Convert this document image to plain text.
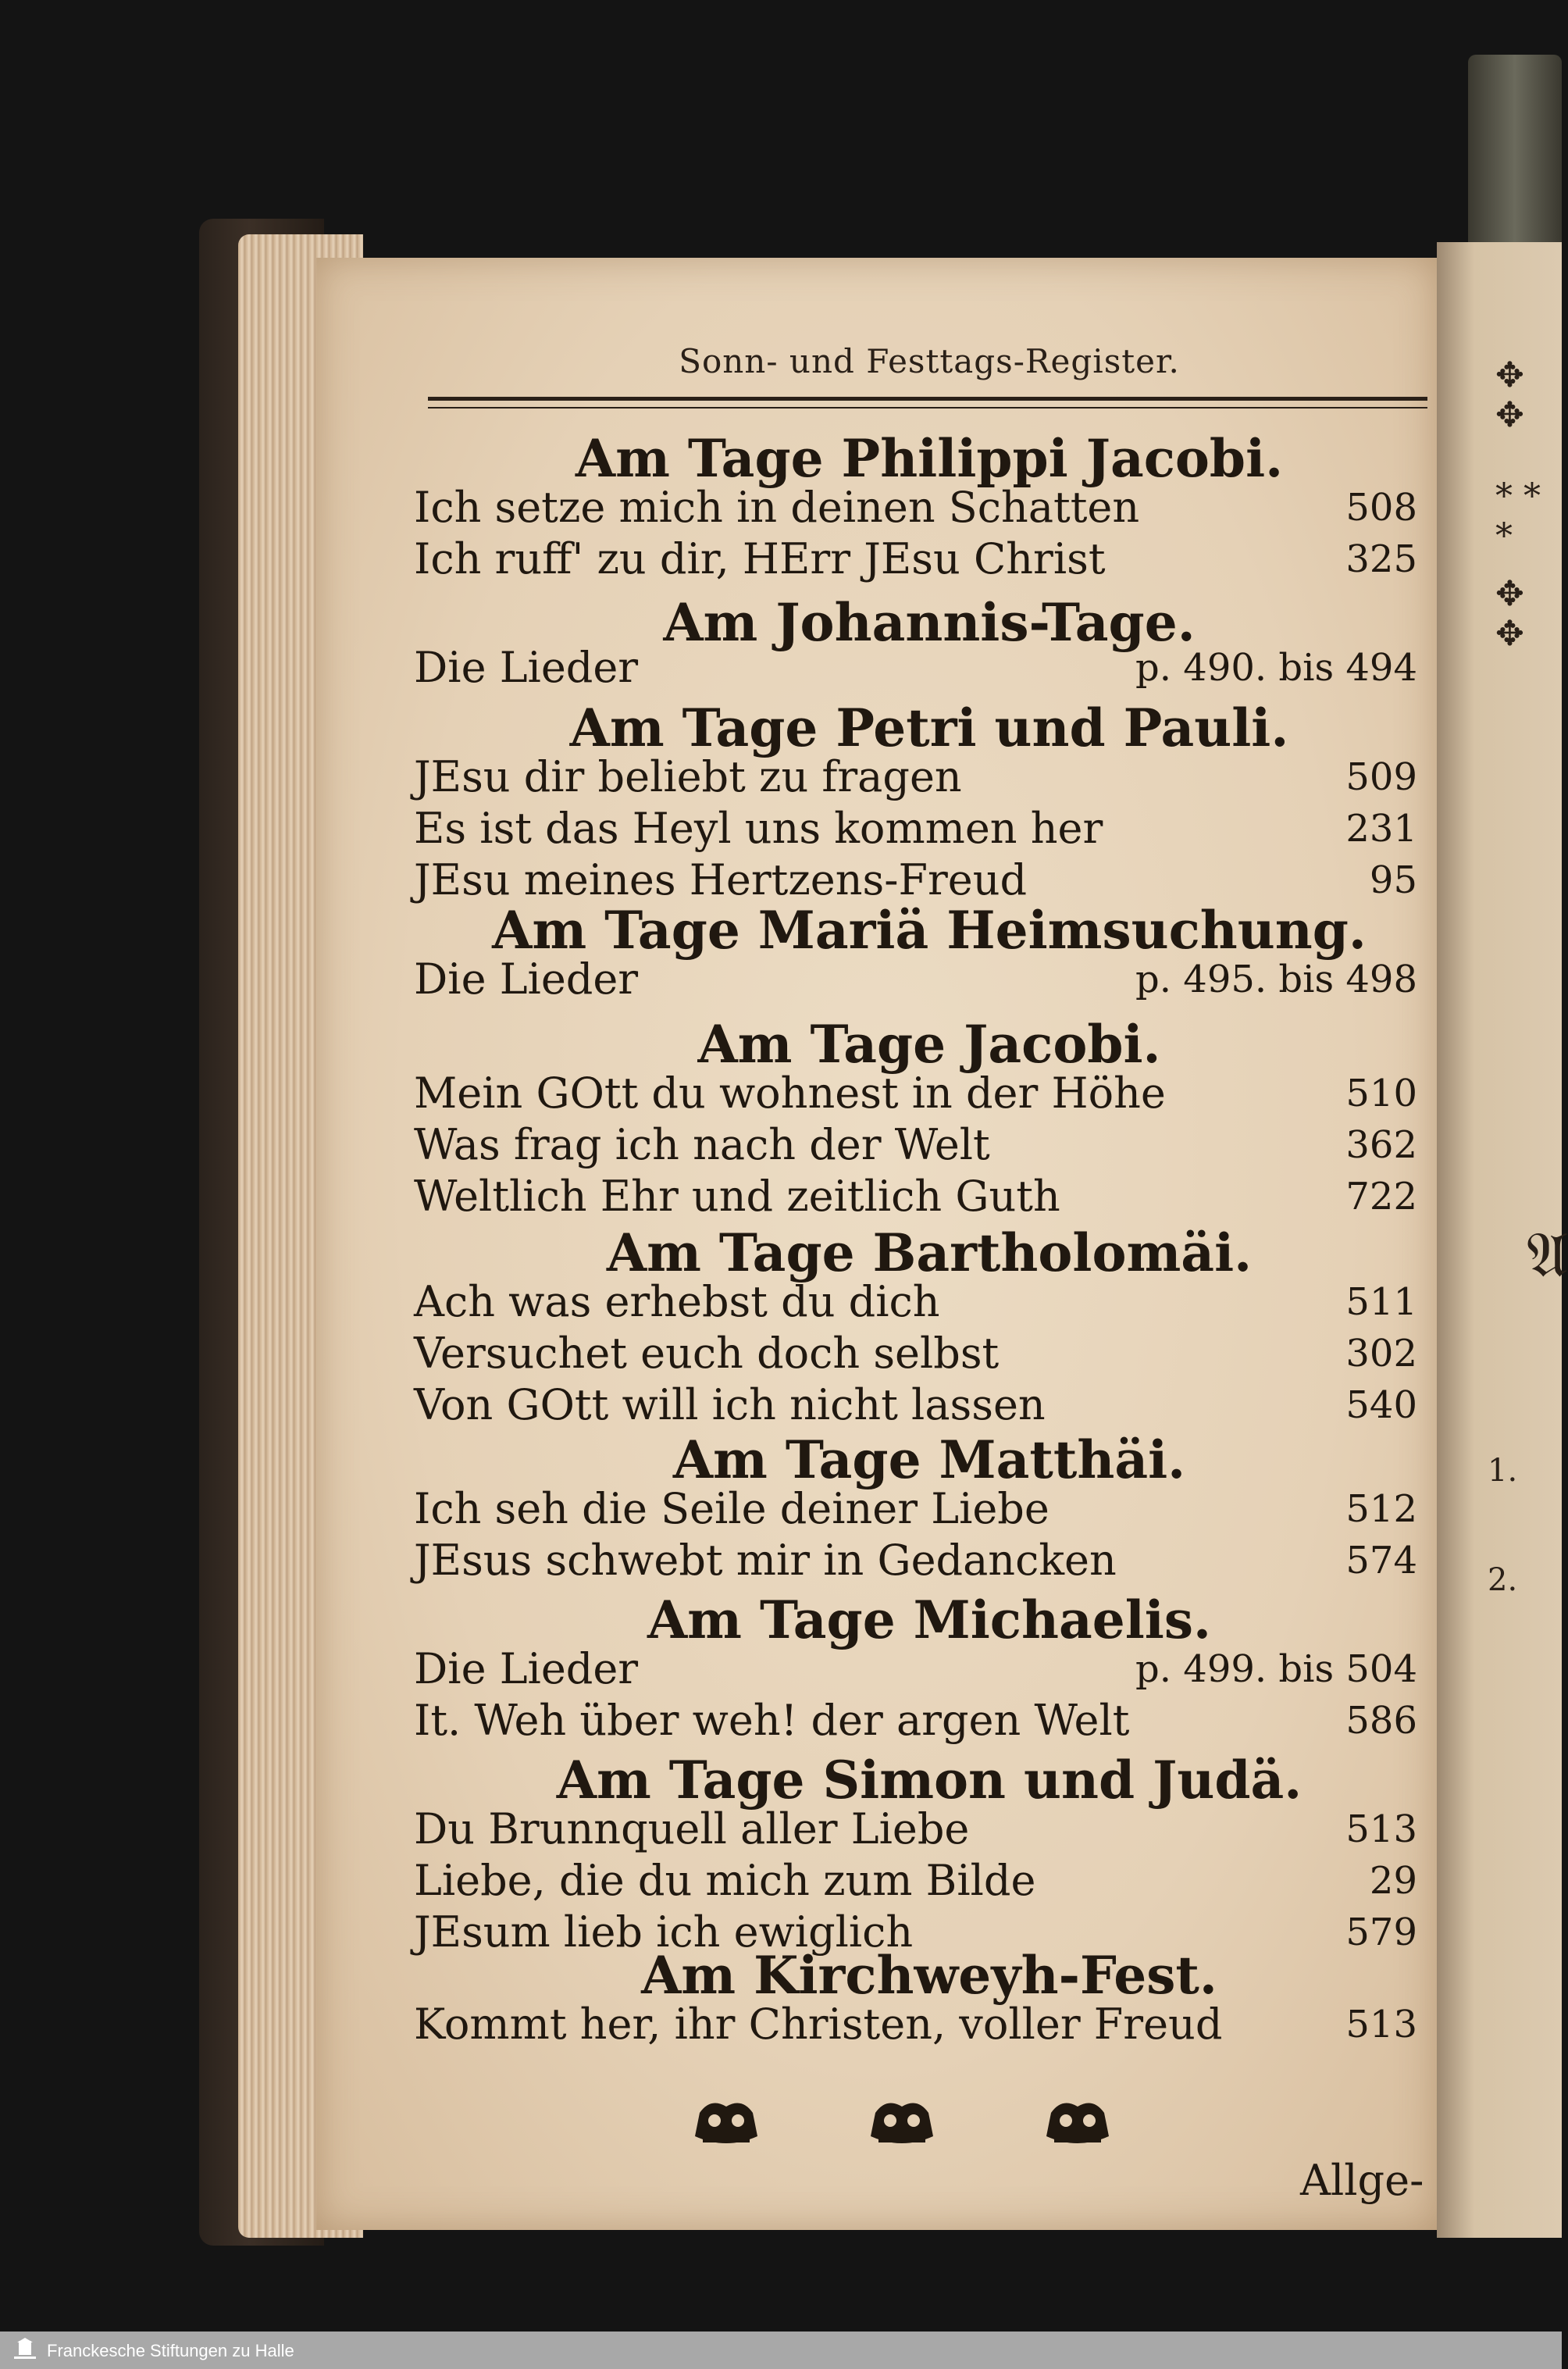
✥ ✥
* * *
✥ ✥
𝔄
1.
2.
Sonn- und Festtags-Register.
Am Tage Philippi Jacobi.
Ich setze mich in deinen Schatten	508
Ich ruff' zu dir, HErr JEsu Christ	325
Am Johannis-Tage.
Die Lieder	p. 490. bis 494
Am Tage Petri und Pauli.
JEsu dir beliebt zu fragen	509
Es ist das Heyl uns kommen her	231
JEsu meines Hertzens-Freud	95
Am Tage Mariä Heimsuchung.
Die Lieder	p. 495. bis 498
Am Tage Jacobi.
Mein GOtt du wohnest in der Höhe	510
Was frag ich nach der Welt	362
Weltlich Ehr und zeitlich Guth	722
Am Tage Bartholomäi.
Ach was erhebst du dich	511
Versuchet euch doch selbst	302
Von GOtt will ich nicht lassen	540
Am Tage Matthäi.
Ich seh die Seile deiner Liebe	512
JEsus schwebt mir in Gedancken	574
Am Tage Michaelis.
Die Lieder	p. 499. bis 504
It. Weh über weh! der argen Welt	586
Am Tage Simon und Judä.
Du Brunnquell aller Liebe	513
Liebe, die du mich zum Bilde	29
JEsum lieb ich ewiglich	579
Am Kirchweyh-Fest.
Kommt her, ihr Christen, voller Freud	513
Allge-
Franckesche Stiftungen zu Halle
